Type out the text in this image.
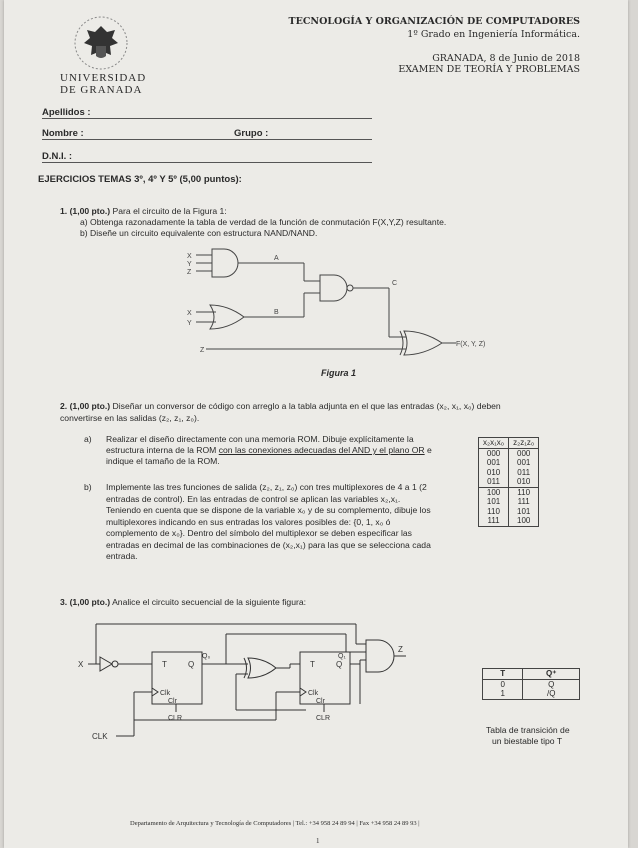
UNIVERSIDAD
DE GRANADA
TECNOLOGÍA Y ORGANIZACIÓN DE COMPUTADORES
1º Grado en Ingeniería Informática.
GRANADA, 8 de Junio de 2018
EXAMEN DE TEORÍA Y PROBLEMAS
Apellidos :
Nombre :	Grupo :
D.N.I. :
EJERCICIOS TEMAS 3º, 4º Y 5º (5,00 puntos):
1. (1,00 pto.) Para el circuito de la Figura 1:
a) Obtenga razonadamente la tabla de verdad de la función de conmutación F(X,Y,Z) resultante.
b) Diseñe un circuito equivalente con estructura NAND/NAND.
X
Y
Z
X
Y
Z
A
B
C
F(X, Y, Z)
Figura 1
2. (1,00 pto.) Diseñar un conversor de código con arreglo a la tabla adjunta en el que las entradas (x₂, x₁, x₀) deben
convertirse en las salidas (z₂, z₁, z₀).
a) Realizar el diseño directamente con una memoria ROM. Dibuje explícitamente la
estructura interna de la ROM con las conexiones adecuadas del AND y el plano OR e
indique el tamaño de la ROM.
b) Implemente las tres funciones de salida (z₂, z₁, z₀) con tres multiplexores de 4 a 1 (2
entradas de control). En las entradas de control se aplican las variables x₂,x₁.
Teniendo en cuenta que se dispone de la variable x₀ y de su complemento, dibuje los
multiplexores indicando en sus entradas los valores posibles de: {0, 1, x₀ ó
complemento de x₀}. Dentro del símbolo del multiplexor se deben especificar las
entradas en decimal de las combinaciones de (x₂,x₁) para las que se selecciona cada
entrada.
x₂x₁x₀	z₂z₁z₀
000	000
001	001
010	011
011	010
100	110
101	111
110	101
111	100
3. (1,00 pto.) Analice el circuito secuencial de la siguiente figura:
X	T	Q
Q₀
Clk
Clr
CLR
T	Q
Q₁
Clk
Clr
CLR
Z
CLK
T	Q⁺
0	Q
1	/Q
Tabla de transición de
un biestable tipo T
Departamento de Arquitectura y Tecnología de Computadores | Tel.: +34 958 24 89 94 | Fax +34 958 24 89 93 |
1
